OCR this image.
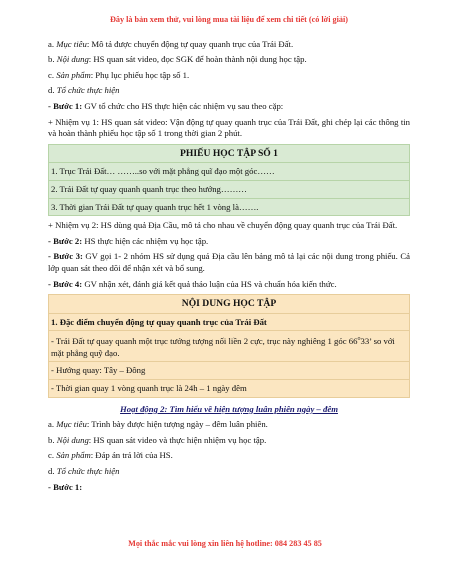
Đây là bản xem thử, vui lòng mua tài liệu để xem chi tiết (có lời giải)
a. Mục tiêu: Mô tả được chuyển động tự quay quanh trục của Trái Đất.
b. Nội dung: HS quan sát video, đọc SGK để hoàn thành nội dung học tập.
c. Sản phẩm: Phụ lục phiếu học tập số 1.
d. Tổ chức thực hiện
- Bước 1: GV tổ chức cho HS thực hiện các nhiệm vụ sau theo cặp:
+ Nhiệm vụ 1: HS quan sát video: Vận động tự quay quanh trục của Trái Đất, ghi chép lại các thông tin và hoàn thành phiếu học tập số 1 trong thời gian 2 phút.
PHIẾU HỌC TẬP SỐ 1
1. Trục Trái Đất… ……..so với mặt phẳng quĩ đạo một góc……
2. Trái Đất tự quay quanh quanh trục theo hướng………
3. Thời gian Trái Đất tự quay quanh trục hết 1 vòng là…….
+ Nhiệm vụ 2: HS dùng quả Địa Cầu, mô tả cho nhau về chuyển động quay quanh trục của Trái Đất.
- Bước 2: HS thực hiện các nhiệm vụ học tập.
- Bước 3: GV gọi 1- 2 nhóm HS sử dụng quả Địa cầu lên bảng mô tả lại các nội dung trong phiếu. Cả lớp quan sát theo dõi để nhận xét và bổ sung.
- Bước 4: GV nhận xét, đánh giá kết quả thảo luận của HS và chuẩn hóa kiến thức.
NỘI DUNG HỌC TẬP
1. Đặc điểm chuyển động tự quay quanh trục của Trái Đất
- Trái Đất tự quay quanh một trục tưởng tượng nối liền 2 cực, trục này nghiêng 1 góc 66$^o$33’ so với mặt phẳng quỹ đạo.
- Hướng quay: Tây – Đông
- Thời gian quay 1 vòng quanh trục là 24h – 1 ngày đêm
Hoạt động 2: Tìm hiểu về hiện tượng luân phiên ngày – đêm
a. Mục tiêu: Trình bày được hiện tượng ngày – đêm luân phiên.
b. Nội dung: HS quan sát video và thực hiện nhiệm vụ học tập.
c. Sản phẩm: Đáp án trả lời của HS.
d. Tổ chức thực hiện
- Bước 1:
Mọi thắc mắc vui lòng xin liên hệ hotline: 084 283 45 85
